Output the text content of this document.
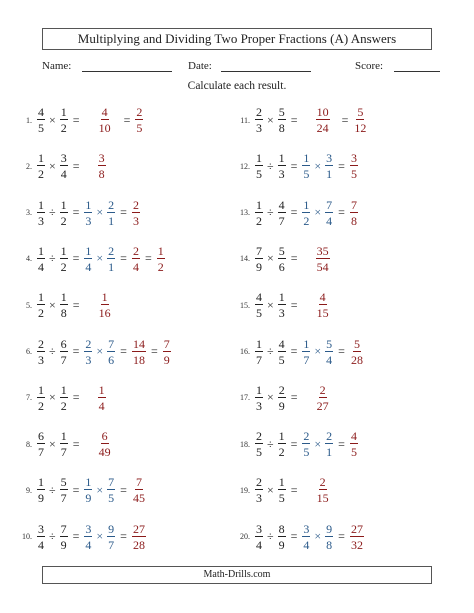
Multiplying and Dividing Two Proper Fractions (A) Answers
Name:	Date:	Score:
Calculate each result.
1. $\frac{4}{5} \times \frac{1}{2} = \frac{4}{10} = \frac{2}{5}$
2. $\frac{1}{2} \times \frac{3}{4} = \frac{3}{8}$
3. $\frac{1}{3} \div \frac{1}{2} = \frac{1}{3} \times \frac{2}{1} = \frac{2}{3}$
4. $\frac{1}{4} \div \frac{1}{2} = \frac{1}{4} \times \frac{2}{1} = \frac{2}{4} = \frac{1}{2}$
5. $\frac{1}{2} \times \frac{1}{8} = \frac{1}{16}$
6. $\frac{2}{3} \div \frac{6}{7} = \frac{2}{3} \times \frac{7}{6} = \frac{14}{18} = \frac{7}{9}$
7. $\frac{1}{2} \times \frac{1}{2} = \frac{1}{4}$
8. $\frac{6}{7} \times \frac{1}{7} = \frac{6}{49}$
9. $\frac{1}{9} \div \frac{5}{7} = \frac{1}{9} \times \frac{7}{5} = \frac{7}{45}$
10. $\frac{3}{4} \div \frac{7}{9} = \frac{3}{4} \times \frac{9}{7} = \frac{27}{28}$
11. $\frac{2}{3} \times \frac{5}{8} = \frac{10}{24} = \frac{5}{12}$
12. $\frac{1}{5} \div \frac{1}{3} = \frac{1}{5} \times \frac{3}{1} = \frac{3}{5}$
13. $\frac{1}{2} \div \frac{4}{7} = \frac{1}{2} \times \frac{7}{4} = \frac{7}{8}$
14. $\frac{7}{9} \times \frac{5}{6} = \frac{35}{54}$
15. $\frac{4}{5} \times \frac{1}{3} = \frac{4}{15}$
16. $\frac{1}{7} \div \frac{4}{5} = \frac{1}{7} \times \frac{5}{4} = \frac{5}{28}$
17. $\frac{1}{3} \times \frac{2}{9} = \frac{2}{27}$
18. $\frac{2}{5} \div \frac{1}{2} = \frac{2}{5} \times \frac{2}{1} = \frac{4}{5}$
19. $\frac{2}{3} \times \frac{1}{5} = \frac{2}{15}$
20. $\frac{3}{4} \div \frac{8}{9} = \frac{3}{4} \times \frac{9}{8} = \frac{27}{32}$
Math-Drills.com
